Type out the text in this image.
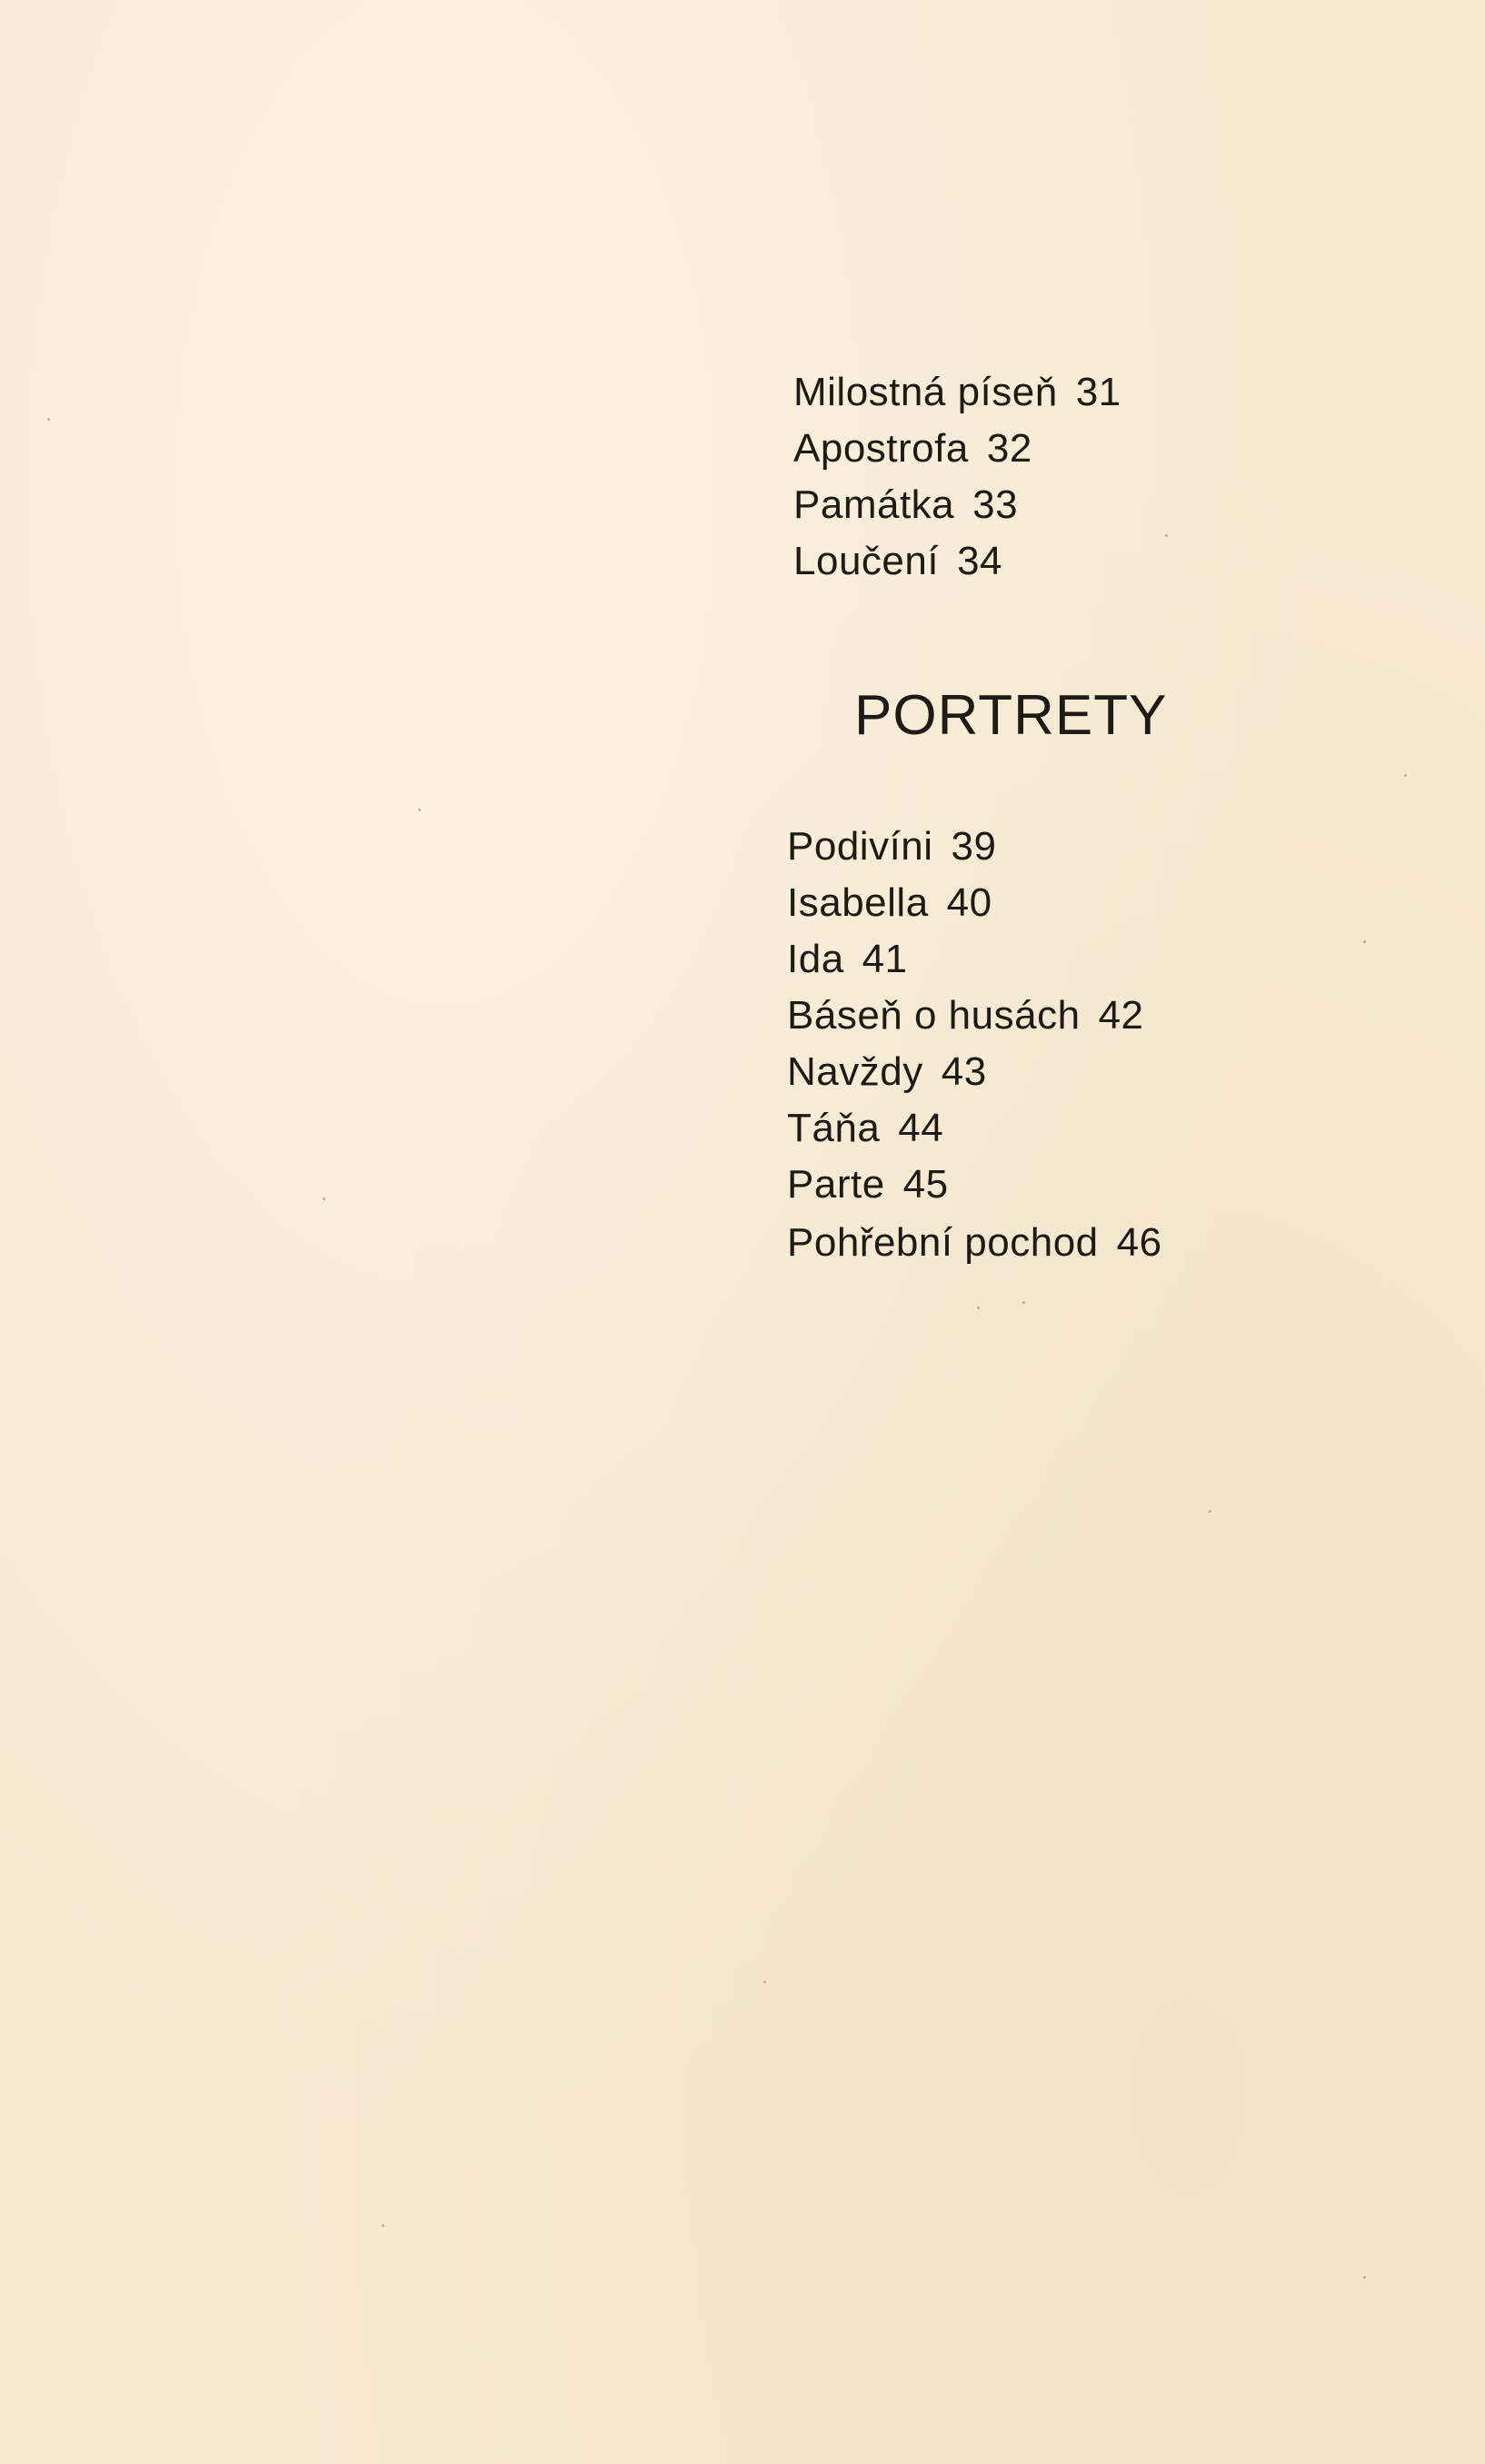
Milostná píseň 31
Apostrofa 32
Památka 33
Loučení 34
PORTRETY
Podivíni 39
Isabella 40
Ida 41
Báseň o husách 42
Navždy 43
Táňa 44
Parte 45
Pohřební pochod 46
